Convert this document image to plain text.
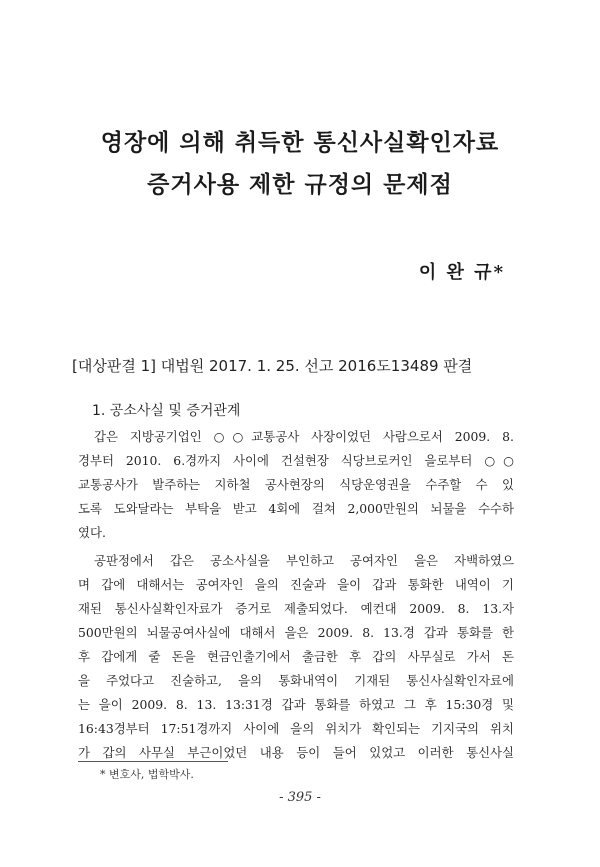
영장에 의해 취득한 통신사실확인자료
증거사용 제한 규정의 문제점
이 완 규*
[대상판결 1] 대법원 2017. 1. 25. 선고 2016도13489 판결
1. 공소사실 및 증거관계
갑은 지방공기업인 ○○교통공사 사장이었던 사람으로서 2009. 8.
경부터 2010. 6.경까지 사이에 건설현장 식당브로커인 을로부터 ○○
교통공사가 발주하는 지하철 공사현장의 식당운영권을 수주할 수 있
도록 도와달라는 부탁을 받고 4회에 걸쳐 2,000만원의 뇌물을 수수하
였다.
공판정에서 갑은 공소사실을 부인하고 공여자인 을은 자백하였으
며 갑에 대해서는 공여자인 을의 진술과 을이 갑과 통화한 내역이 기
재된 통신사실확인자료가 증거로 제출되었다. 예컨대 2009. 8. 13.자
500만원의 뇌물공여사실에 대해서 을은 2009. 8. 13.경 갑과 통화를 한
후 갑에게 줄 돈을 현금인출기에서 출금한 후 갑의 사무실로 가서 돈
을 주었다고 진술하고, 을의 통화내역이 기재된 통신사실확인자료에
는 을이 2009. 8. 13. 13:31경 갑과 통화를 하였고 그 후 15:30경 및
16:43경부터 17:51경까지 사이에 을의 위치가 확인되는 기지국의 위치
가 갑의 사무실 부근이었던 내용 등이 들어 있었고 이러한 통신사실
* 변호사, 법학박사.
- 395 -
